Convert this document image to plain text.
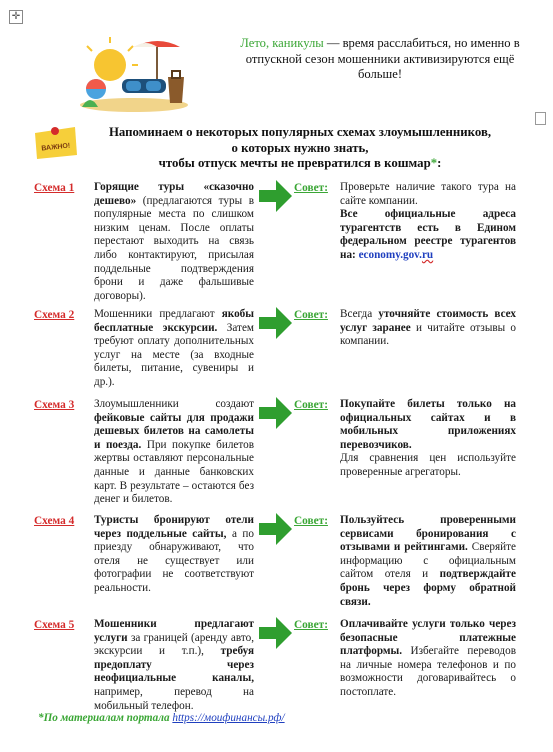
✛
Лето, каникулы — время расслабиться, но именно в отпускной сезон мошенники активизируются ещё больше!
ВАЖНО!
Напоминаем о некоторых популярных схемах злоумышленников,
о которых нужно знать,
чтобы отпуск мечты не превратился в кошмар*:
Схема 1	Горящие туры «сказочно дешево» (предлагаются туры в популярные места по слишком низким ценам. После оплаты перестают выходить на связь либо контактируют, присылая поддельные подтверждения брони и даже фальшивые договоры).
Совет:	Проверьте наличие такого тура на сайте компании.
Все официальные адреса турагентств есть в Едином федеральном реестре турагентов на: economy.gov.ru
Схема 2	Мошенники предлагают якобы бесплатные экскурсии. Затем требуют оплату дополнительных услуг на месте (за входные билеты, питание, сувениры и др.).
Совет:	Всегда уточняйте стоимость всех услуг заранее и читайте отзывы о компании.
Схема 3	Злоумышленники создают фейковые сайты для продажи дешевых билетов на самолеты и поезда. При покупке билетов жертвы оставляют персональные данные и данные банковских карт. В результате – остаются без денег и билетов.
Совет:	Покупайте билеты только на официальных сайтах и в мобильных приложениях перевозчиков.
Для сравнения цен используйте проверенные агрегаторы.
Схема 4	Туристы бронируют отели через поддельные сайты, а по приезду обнаруживают, что отеля не существует или фотографии не соответствуют реальности.
Совет:	Пользуйтесь проверенными сервисами бронирования с отзывами и рейтингами. Сверяйте информацию с официальным сайтом отеля и подтверждайте бронь через форму обратной связи.
Схема 5	Мошенники предлагают услуги за границей (аренду авто, экскурсии и т.п.), требуя предоплату через неофициальные каналы, например, перевод на мобильный телефон.
Совет:	Оплачивайте услуги только через безопасные платежные платформы. Избегайте переводов на личные номера телефонов и по возможности договаривайтесь о постоплате.
*По материалам портала https://моифинансы.рф/
